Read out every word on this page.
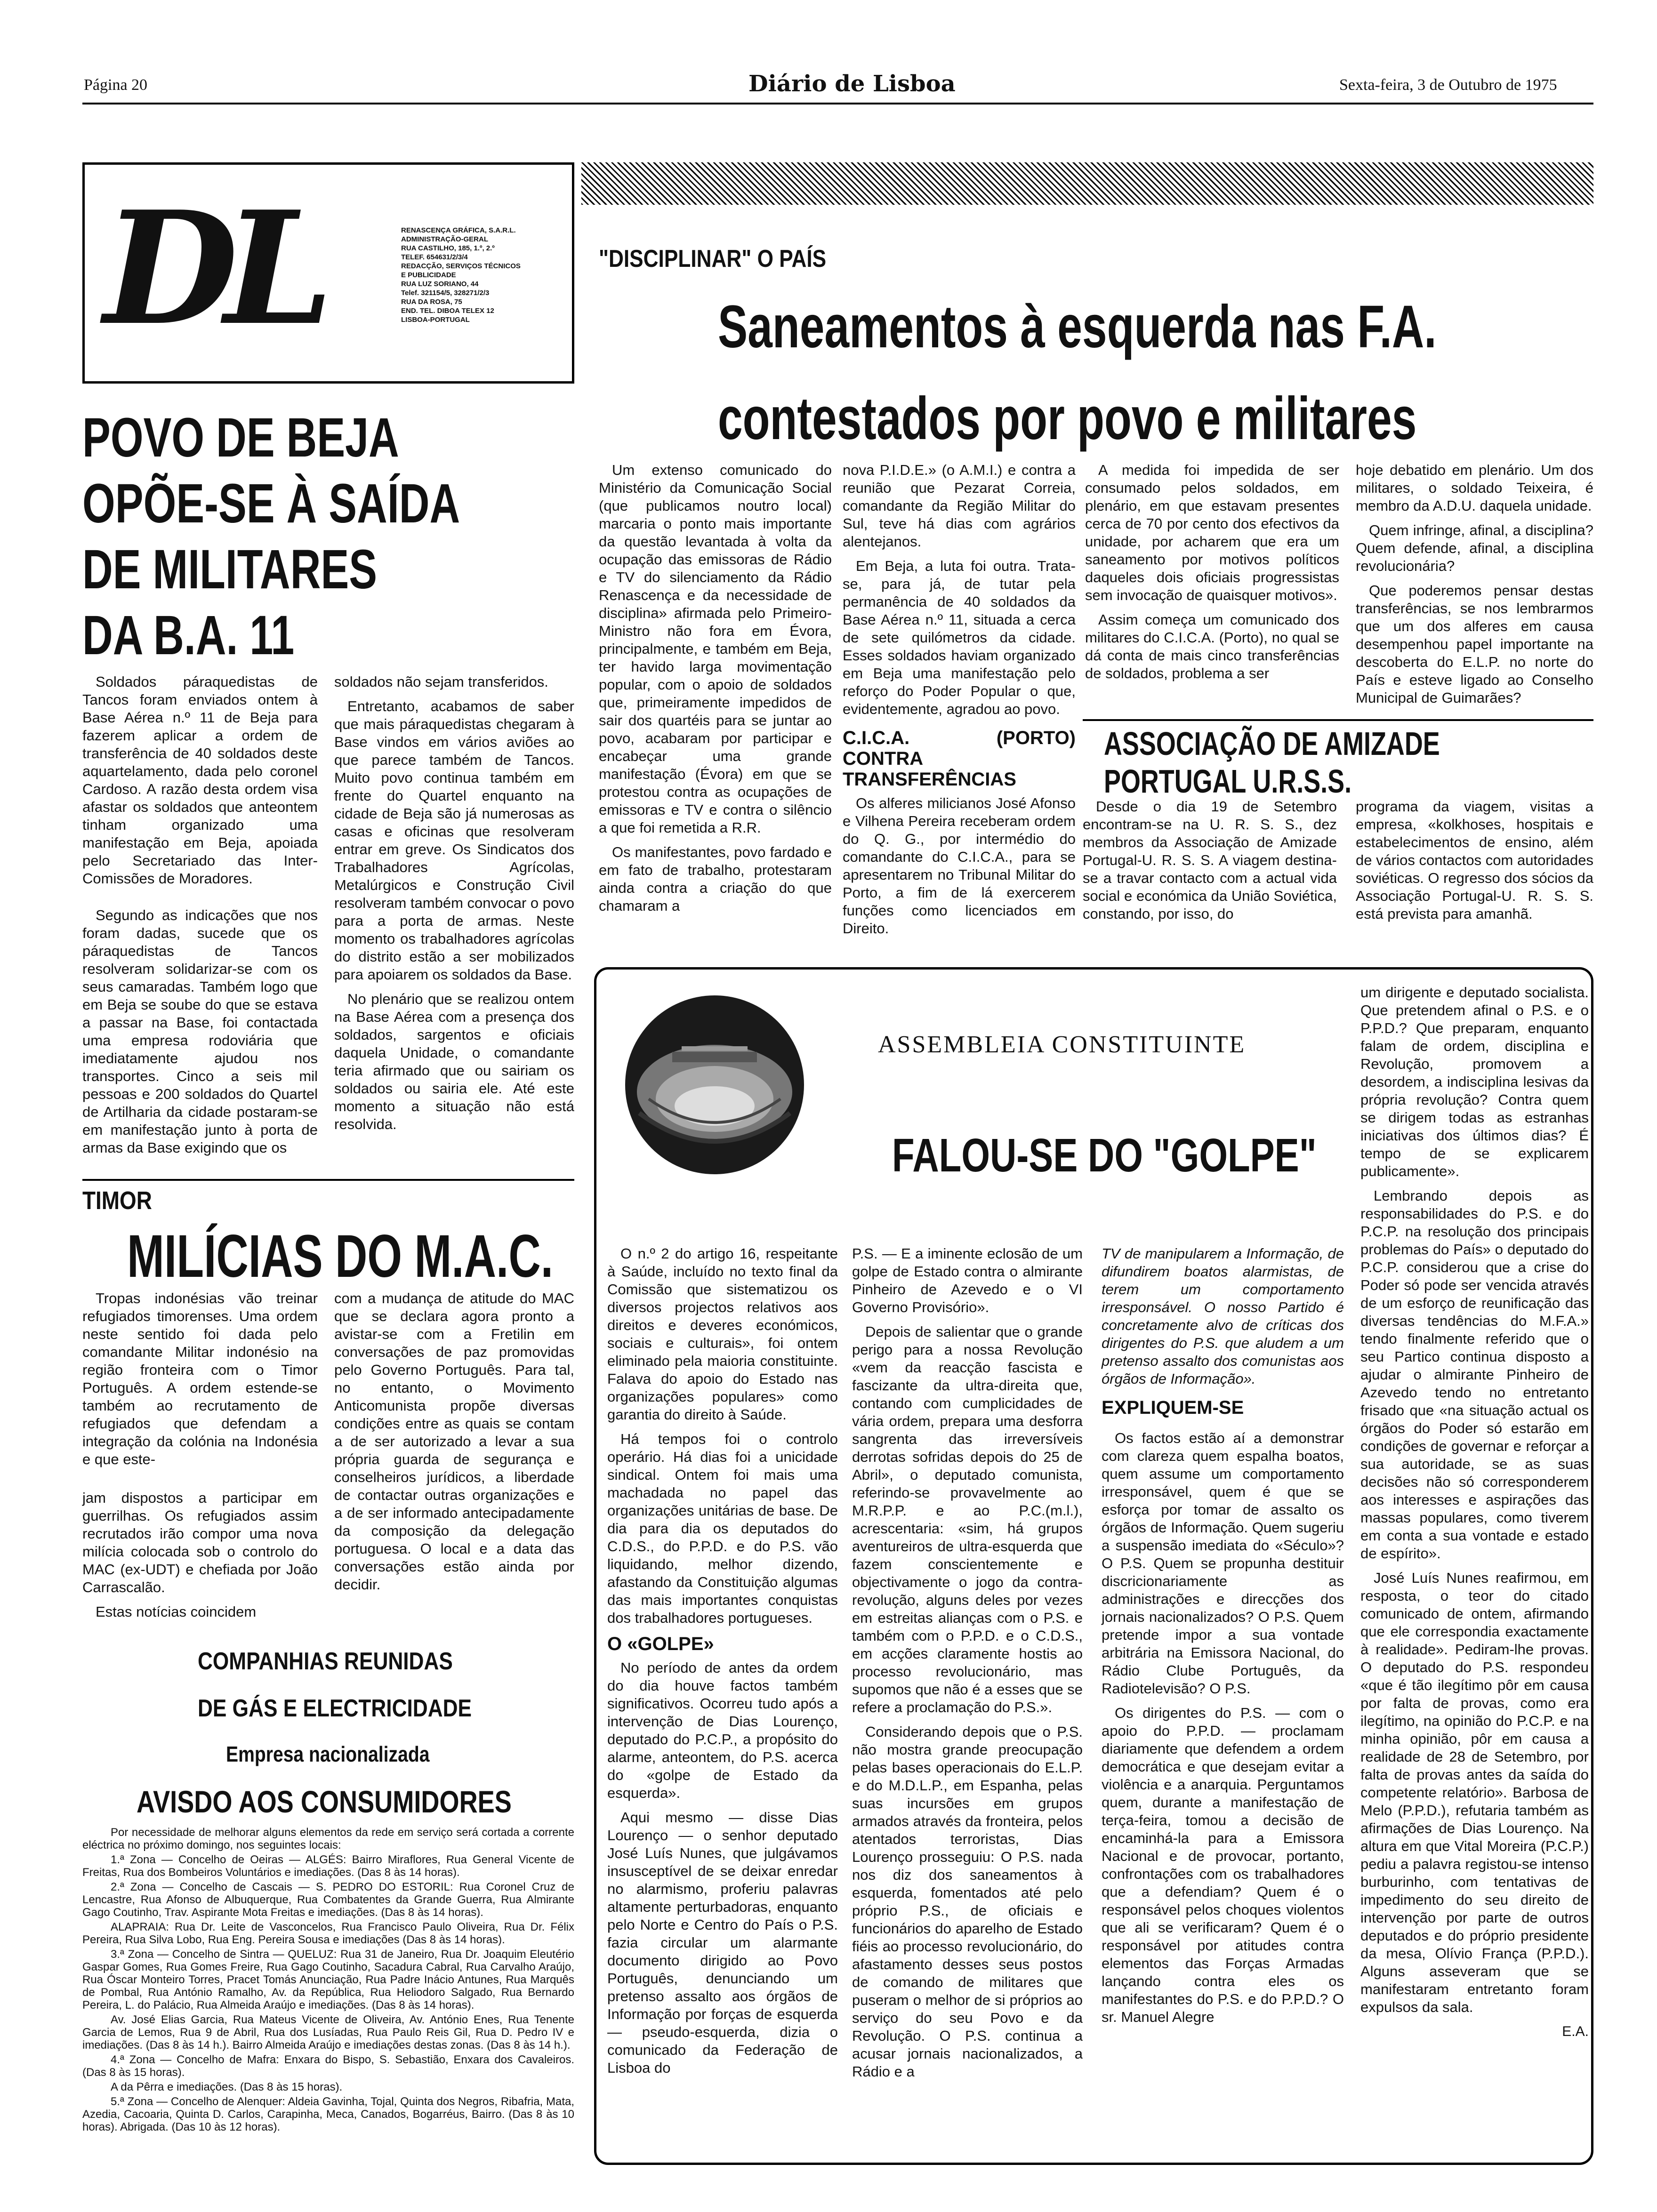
Página 20	Diário de Lisboa	Sexta-feira, 3 de Outubro de 1975
DL	RENASCENÇA GRÁFICA, S.A.R.L.
ADMINISTRAÇÃO-GERAL
RUA CASTILHO, 185, 1.º, 2.º
TELEF. 654631/2/3/4
REDACÇÃO, SERVIÇOS TÉCNICOS
E PUBLICIDADE
RUA LUZ SORIANO, 44
Telef. 321154/5, 328271/2/3
RUA DA ROSA, 75
END. TEL. DIBOA TELEX 12
LISBOA-PORTUGAL
"DISCIPLINAR" O PAÍS
Saneamentos à esquerda nas F.A.
contestados por povo e militares

Um extenso comunicado do Ministério da Comunicação Social (que publicamos noutro local) marcaria o ponto mais importante da questão levantada à volta da ocupação das emissoras de Rádio e TV do silenciamento da Rádio Renascença e da necessidade de disciplina» afirmada pelo Primeiro-Ministro não fora em Évora, principalmente, e também em Beja, ter havido larga movimentação popular, com o apoio de soldados que, primeiramente impedidos de sair dos quartéis para se juntar ao povo, acabaram por participar e encabeçar uma grande manifestação (Évora) em que se protestou contra as ocupações de emissoras e TV e contra o silêncio a que foi remetida a R.R.

Os manifestantes, povo fardado e em fato de trabalho, protestaram ainda contra a criação do que chamaram a

nova P.I.D.E.» (o A.M.I.) e contra a reunião que Pezarat Correia, comandante da Região Militar do Sul, teve há dias com agrários alentejanos.

Em Beja, a luta foi outra. Trata-se, para já, de tutar pela permanência de 40 soldados da Base Aérea n.º 11, situada a cerca de sete quilómetros da cidade. Esses soldados haviam organizado em Beja uma manifestação pelo reforço do Poder Popular o que, evidentemente, agradou ao povo.

C.I.C.A. (PORTO) CONTRA TRANSFERÊNCIAS

Os alferes milicianos José Afonso e Vilhena Pereira receberam ordem do Q. G., por intermédio do comandante do C.I.C.A., para se apresentarem no Tribunal Militar do Porto, a fim de lá exercerem funções como licenciados em Direito.

A medida foi impedida de ser consumado pelos soldados, em plenário, em que estavam presentes cerca de 70 por cento dos efectivos da unidade, por acharem que era um saneamento por motivos políticos daqueles dois oficiais progressistas sem invocação de quaisquer motivos».

Assim começa um comunicado dos militares do C.I.C.A. (Porto), no qual se dá conta de mais cinco transferências de soldados, problema a ser

hoje debatido em plenário. Um dos militares, o soldado Teixeira, é membro da A.D.U. daquela unidade.

Quem infringe, afinal, a disciplina? Quem defende, afinal, a disciplina revolucionária?

Que poderemos pensar destas transferências, se nos lembrarmos que um dos alferes em causa desempenhou papel importante na descoberta do E.L.P. no norte do País e esteve ligado ao Conselho Municipal de Guimarães?

ASSOCIAÇÃO DE AMIZADE
PORTUGAL U.R.S.S.

Desde o dia 19 de Setembro encontram-se na U. R. S. S., dez membros da Associação de Amizade Portugal-U. R. S. S. A viagem destina-se a travar contacto com a actual vida social e económica da União Soviética, constando, por isso, do

programa da viagem, visitas a empresa, «kolkhoses, hospitais e estabelecimentos de ensino, além de vários contactos com autoridades soviéticas. O regresso dos sócios da Associação Portugal-U. R. S. S. está prevista para amanhã.

POVO DE BEJA
OPÕE-SE À SAÍDA
DE MILITARES
DA B.A. 11

Soldados páraquedistas de Tancos foram enviados ontem à Base Aérea n.º 11 de Beja para fazerem aplicar a ordem de transferência de 40 soldados deste aquartelamento, dada pelo coronel Cardoso. A razão desta ordem visa afastar os soldados que anteontem tinham organizado uma manifestação em Beja, apoiada pelo Secretariado das Inter-Comissões de Moradores.

Segundo as indicações que nos foram dadas, sucede que os páraquedistas de Tancos resolveram solidarizar-se com os seus camaradas. Também logo que em Beja se soube do que se estava a passar na Base, foi contactada uma empresa rodoviária que imediatamente ajudou nos transportes. Cinco a seis mil pessoas e 200 soldados do Quartel de Artilharia da cidade postaram-se em manifestação junto à porta de armas da Base exigindo que os

soldados não sejam transferidos.

Entretanto, acabamos de saber que mais páraquedistas chegaram à Base vindos em vários aviões ao que parece também de Tancos. Muito povo continua também em frente do Quartel enquanto na cidade de Beja são já numerosas as casas e oficinas que resolveram entrar em greve. Os Sindicatos dos Trabalhadores Agrícolas, Metalúrgicos e Construção Civil resolveram também convocar o povo para a porta de armas. Neste momento os trabalhadores agrícolas do distrito estão a ser mobilizados para apoiarem os soldados da Base.

No plenário que se realizou ontem na Base Aérea com a presença dos soldados, sargentos e oficiais daquela Unidade, o comandante teria afirmado que ou sairiam os soldados ou sairia ele. Até este momento a situação não está resolvida.

TIMOR
MILÍCIAS DO M.A.C.

Tropas indonésias vão treinar refugiados timorenses. Uma ordem neste sentido foi dada pelo comandante Militar indonésio na região fronteira com o Timor Português. A ordem estende-se também ao recrutamento de refugiados que defendam a integração da colónia na Indonésia e que este-

jam dispostos a participar em guerrilhas. Os refugiados assim recrutados irão compor uma nova milícia colocada sob o controlo do MAC (ex-UDT) e chefiada por João Carrascalão.

Estas notícias coincidem

com a mudança de atitude do MAC que se declara agora pronto a avistar-se com a Fretilin em conversações de paz promovidas pelo Governo Português. Para tal, no entanto, o Movimento Anticomunista propõe diversas condições entre as quais se contam a de ser autorizado a levar a sua própria guarda de segurança e conselheiros jurídicos, a liberdade de contactar outras organizações e a de ser informado antecipadamente da composição da delegação portuguesa. O local e a data das conversações estão ainda por decidir.

COMPANHIAS REUNIDAS
DE GÁS E ELECTRICIDADE
Empresa nacionalizada
AVISDO AOS CONSUMIDORES

Por necessidade de melhorar alguns elementos da rede em serviço será cortada a corrente eléctrica no próximo domingo, nos seguintes locais:

1.ª Zona — Concelho de Oeiras — ALGÉS: Bairro Miraflores, Rua General Vicente de Freitas, Rua dos Bombeiros Voluntários e imediações. (Das 8 às 14 horas).

2.ª Zona — Concelho de Cascais — S. PEDRO DO ESTORIL: Rua Coronel Cruz de Lencastre, Rua Afonso de Albuquerque, Rua Combatentes da Grande Guerra, Rua Almirante Gago Coutinho, Trav. Aspirante Mota Freitas e imediações. (Das 8 às 14 horas).

ALAPRAIA: Rua Dr. Leite de Vasconcelos, Rua Francisco Paulo Oliveira, Rua Dr. Félix Pereira, Rua Silva Lobo, Rua Eng. Pereira Sousa e imediações (Das 8 às 14 horas).

3.ª Zona — Concelho de Sintra — QUELUZ: Rua 31 de Janeiro, Rua Dr. Joaquim Eleutério Gaspar Gomes, Rua Gomes Freire, Rua Gago Coutinho, Sacadura Cabral, Rua Carvalho Araújo, Rua Óscar Monteiro Torres, Pracet Tomás Anunciação, Rua Padre Inácio Antunes, Rua Marquês de Pombal, Rua António Ramalho, Av. da República, Rua Heliodoro Salgado, Rua Bernardo Pereira, L. do Palácio, Rua Almeida Araújo e imediações. (Das 8 às 14 horas).

Av. José Elias Garcia, Rua Mateus Vicente de Oliveira, Av. António Enes, Rua Tenente Garcia de Lemos, Rua 9 de Abril, Rua dos Lusíadas, Rua Paulo Reis Gil, Rua D. Pedro IV e imediações. (Das 8 às 14 h.). Bairro Almeida Araújo e imediações destas zonas. (Das 8 às 14 h.).

4.ª Zona — Concelho de Mafra: Enxara do Bispo, S. Sebastião, Enxara dos Cavaleiros. (Das 8 às 15 horas).

A da Pêrra e imediações. (Das 8 às 15 horas).

5.ª Zona — Concelho de Alenquer: Aldeia Gavinha, Tojal, Quinta dos Negros, Ribafria, Mata, Azedia, Cacoaria, Quinta D. Carlos, Carapinha, Meca, Canados, Bogarréus, Bairro. (Das 8 às 10 horas). Abrigada. (Das 10 às 12 horas).

ASSEMBLEIA CONSTITUINTE
FALOU-SE DO "GOLPE"

um dirigente e deputado socialista. Que pretendem afinal o P.S. e o P.P.D.? Que preparam, enquanto falam de ordem, disciplina e Revolução, promovem a desordem, a indisciplina lesivas da própria revolução? Contra quem se dirigem todas as estranhas iniciativas dos últimos dias? É tempo de se explicarem publicamente».

Lembrando depois as responsabilidades do P.S. e do P.C.P. na resolução dos principais problemas do País» o deputado do P.C.P. considerou que a crise do Poder só pode ser vencida através de um esforço de reunificação das diversas tendências do M.F.A.» tendo finalmente referido que o seu Partico continua disposto a ajudar o almirante Pinheiro de Azevedo tendo no entretanto frisado que «na situação actual os órgãos do Poder só estarão em condições de governar e reforçar a sua autoridade, se as suas decisões não só corresponderem aos interesses e aspirações das massas populares, como tiverem em conta a sua vontade e estado de espírito».

José Luís Nunes reafirmou, em resposta, o teor do citado comunicado de ontem, afirmando que ele correspondia exactamente à realidade». Pediram-lhe provas. O deputado do P.S. respondeu «que é tão ilegítimo pôr em causa por falta de provas, como era ilegítimo, na opinião do P.C.P. e na minha opinião, pôr em causa a realidade de 28 de Setembro, por falta de provas antes da saída do competente relatório». Barbosa de Melo (P.P.D.), refutaria também as afirmações de Dias Lourenço. Na altura em que Vital Moreira (P.C.P.) pediu a palavra registou-se intenso burburinho, com tentativas de impedimento do seu direito de intervenção por parte de outros deputados e do próprio presidente da mesa, Olívio França (P.P.D.). Alguns asseveram que se manifestaram entretanto foram expulsos da sala.

E.A.

O n.º 2 do artigo 16, respeitante à Saúde, incluído no texto final da Comissão que sistematizou os diversos projectos relativos aos direitos e deveres económicos, sociais e culturais», foi ontem eliminado pela maioria constituinte. Falava do apoio do Estado nas organizações populares» como garantia do direito à Saúde.

Há tempos foi o controlo operário. Há dias foi a unicidade sindical. Ontem foi mais uma machadada no papel das organizações unitárias de base. De dia para dia os deputados do C.D.S., do P.P.D. e do P.S. vão liquidando, melhor dizendo, afastando da Constituição algumas das mais importantes conquistas dos trabalhadores portugueses.

O «GOLPE»

No período de antes da ordem do dia houve factos também significativos. Ocorreu tudo após a intervenção de Dias Lourenço, deputado do P.C.P., a propósito do alarme, anteontem, do P.S. acerca do «golpe de Estado da esquerda».

Aqui mesmo — disse Dias Lourenço — o senhor deputado José Luís Nunes, que julgávamos insusceptível de se deixar enredar no alarmismo, proferiu palavras altamente perturbadoras, enquanto pelo Norte e Centro do País o P.S. fazia circular um alarmante documento dirigido ao Povo Português, denunciando um pretenso assalto aos órgãos de Informação por forças de esquerda — pseudo-esquerda, dizia o comunicado da Federação de Lisboa do

P.S. — E a iminente eclosão de um golpe de Estado contra o almirante Pinheiro de Azevedo e o VI Governo Provisório».

Depois de salientar que o grande perigo para a nossa Revolução «vem da reacção fascista e fascizante da ultra-direita que, contando com cumplicidades de vária ordem, prepara uma desforra sangrenta das irreversíveis derrotas sofridas depois do 25 de Abril», o deputado comunista, referindo-se provavelmente ao M.R.P.P. e ao P.C.(m.l.), acrescentaria: «sim, há grupos aventureiros de ultra-esquerda que fazem conscientemente e objectivamente o jogo da contra-revolução, alguns deles por vezes em estreitas alianças com o P.S. e também com o P.P.D. e o C.D.S., em acções claramente hostis ao processo revolucionário, mas supomos que não é a esses que se refere a proclamação do P.S.».

Considerando depois que o P.S. não mostra grande preocupação pelas bases operacionais do E.L.P. e do M.D.L.P., em Espanha, pelas suas incursões em grupos armados através da fronteira, pelos atentados terroristas, Dias Lourenço prosseguiu: O P.S. nada nos diz dos saneamentos à esquerda, fomentados até pelo próprio P.S., de oficiais e funcionários do aparelho de Estado fiéis ao processo revolucionário, do afastamento desses seus postos de comando de militares que puseram o melhor de si próprios ao serviço do seu Povo e da Revolução. O P.S. continua a acusar jornais nacionalizados, a Rádio e a

TV de manipularem a Informação, de difundirem boatos alarmistas, de terem um comportamento irresponsável. O nosso Partido é concretamente alvo de críticas dos dirigentes do P.S. que aludem a um pretenso assalto dos comunistas aos órgãos de Informação».

EXPLIQUEM-SE

Os factos estão aí a demonstrar com clareza quem espalha boatos, quem assume um comportamento irresponsável, quem é que se esforça por tomar de assalto os órgãos de Informação. Quem sugeriu a suspensão imediata do «Século»? O P.S. Quem se propunha destituir discricionariamente as administrações e direcções dos jornais nacionalizados? O P.S. Quem pretende impor a sua vontade arbitrária na Emissora Nacional, do Rádio Clube Português, da Radiotelevisão? O P.S.

Os dirigentes do P.S. — com o apoio do P.P.D. — proclamam diariamente que defendem a ordem democrática e que desejam evitar a violência e a anarquia. Perguntamos quem, durante a manifestação de terça-feira, tomou a decisão de encaminhá-la para a Emissora Nacional e de provocar, portanto, confrontações com os trabalhadores que a defendiam? Quem é o responsável pelos choques violentos que ali se verificaram? Quem é o responsável por atitudes contra elementos das Forças Armadas lançando contra eles os manifestantes do P.S. e do P.P.D.? O sr. Manuel Alegre
